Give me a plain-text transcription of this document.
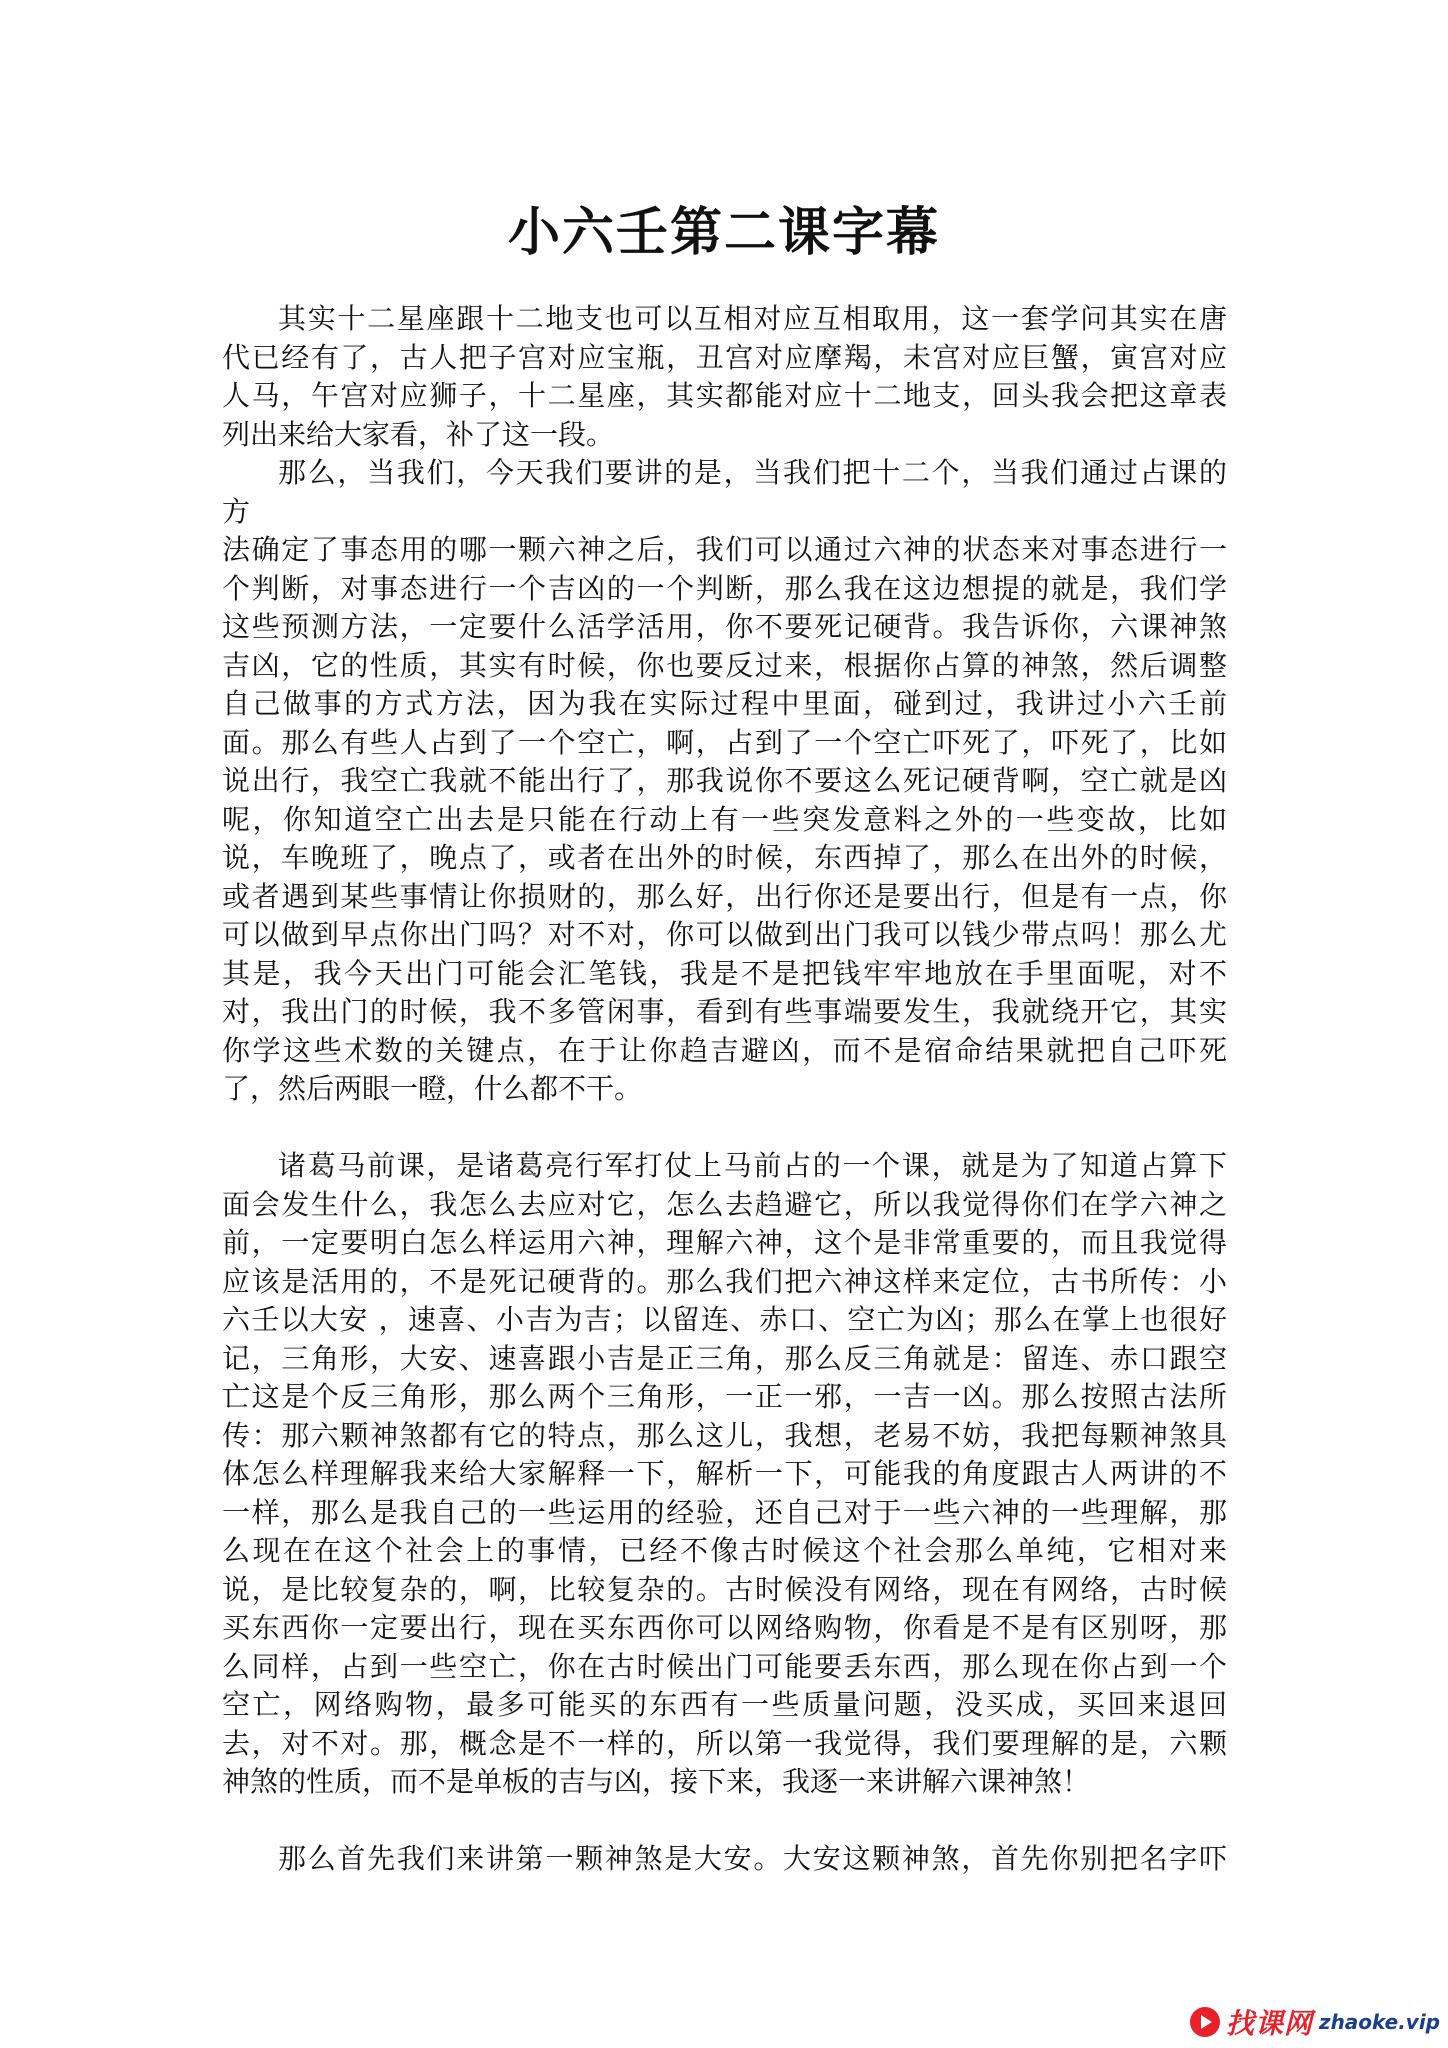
小六壬第二课字幕
其实十二星座跟十二地支也可以互相对应互相取用，这一套学问其实在唐
代已经有了，古人把子宫对应宝瓶，丑宫对应摩羯，未宫对应巨蟹，寅宫对应
人马，午宫对应狮子，十二星座，其实都能对应十二地支，回头我会把这章表
列出来给大家看，补了这一段。
那么，当我们，今天我们要讲的是，当我们把十二个，当我们通过占课的
方
法确定了事态用的哪一颗六神之后，我们可以通过六神的状态来对事态进行一
个判断，对事态进行一个吉凶的一个判断，那么我在这边想提的就是，我们学
这些预测方法，一定要什么活学活用，你不要死记硬背。我告诉你，六课神煞
吉凶，它的性质，其实有时候，你也要反过来，根据你占算的神煞，然后调整
自己做事的方式方法，因为我在实际过程中里面，碰到过，我讲过小六壬前
面。那么有些人占到了一个空亡，啊，占到了一个空亡吓死了，吓死了，比如
说出行，我空亡我就不能出行了，那我说你不要这么死记硬背啊，空亡就是凶
呢，你知道空亡出去是只能在行动上有一些突发意料之外的一些变故，比如
说，车晚班了，晚点了，或者在出外的时候，东西掉了，那么在出外的时候，
或者遇到某些事情让你损财的，那么好，出行你还是要出行，但是有一点，你
可以做到早点你出门吗？对不对，你可以做到出门我可以钱少带点吗！那么尤
其是，我今天出门可能会汇笔钱，我是不是把钱牢牢地放在手里面呢，对不
对，我出门的时候，我不多管闲事，看到有些事端要发生，我就绕开它，其实
你学这些术数的关键点，在于让你趋吉避凶，而不是宿命结果就把自己吓死
了，然后两眼一瞪，什么都不干。
诸葛马前课，是诸葛亮行军打仗上马前占的一个课，就是为了知道占算下
面会发生什么，我怎么去应对它，怎么去趋避它，所以我觉得你们在学六神之
前，一定要明白怎么样运用六神，理解六神，这个是非常重要的，而且我觉得
应该是活用的，不是死记硬背的。那么我们把六神这样来定位，古书所传：小
六壬以大安 ，速喜、小吉为吉；以留连、赤口、空亡为凶；那么在掌上也很好
记，三角形，大安、速喜跟小吉是正三角，那么反三角就是：留连、赤口跟空
亡这是个反三角形，那么两个三角形，一正一邪，一吉一凶。那么按照古法所
传：那六颗神煞都有它的特点，那么这儿，我想，老易不妨，我把每颗神煞具
体怎么样理解我来给大家解释一下，解析一下，可能我的角度跟古人两讲的不
一样，那么是我自己的一些运用的经验，还自己对于一些六神的一些理解，那
么现在在这个社会上的事情，已经不像古时候这个社会那么单纯，它相对来
说，是比较复杂的，啊，比较复杂的。古时候没有网络，现在有网络，古时候
买东西你一定要出行，现在买东西你可以网络购物，你看是不是有区别呀，那
么同样，占到一些空亡，你在古时候出门可能要丢东西，那么现在你占到一个
空亡，网络购物，最多可能买的东西有一些质量问题，没买成，买回来退回
去，对不对。那，概念是不一样的，所以第一我觉得，我们要理解的是，六颗
神煞的性质，而不是单板的吉与凶，接下来，我逐一来讲解六课神煞！
那么首先我们来讲第一颗神煞是大安。大安这颗神煞，首先你别把名字吓
找课网 zhaoke.vip
